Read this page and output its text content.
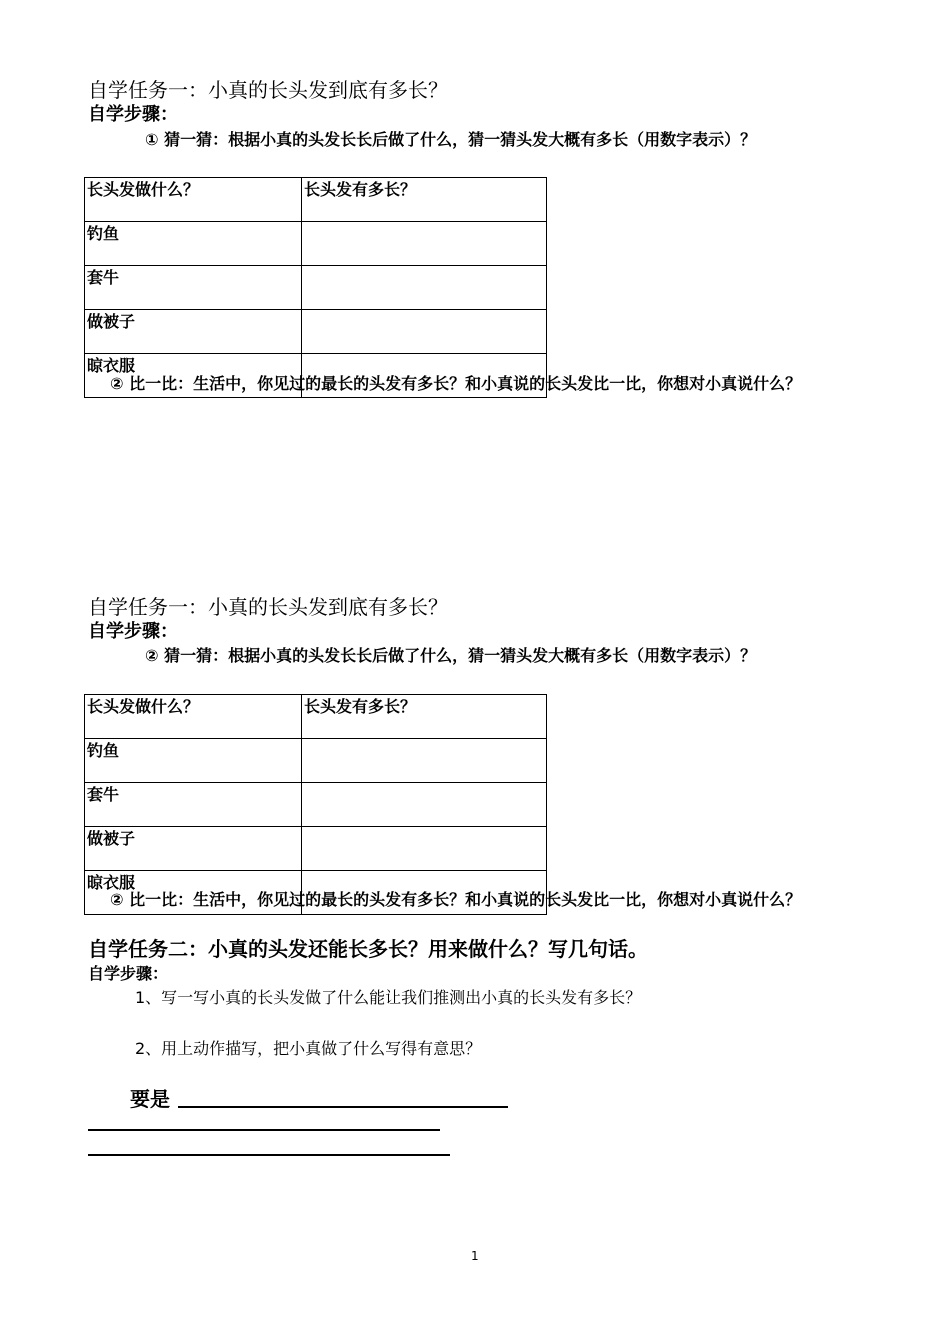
自学任务一：小真的长头发到底有多长？
自学步骤：
① 猜一猜：根据小真的头发长长后做了什么，猜一猜头发大概有多长（用数字表示）？
长头发做什么？	长头发有多长？
钓鱼	
套牛	
做被子	
晾衣服	
② 比一比：生活中，你见过的最长的头发有多长？和小真说的长头发比一比，你想对小真说什么？
自学任务一：小真的长头发到底有多长？
自学步骤：
② 猜一猜：根据小真的头发长长后做了什么，猜一猜头发大概有多长（用数字表示）？
长头发做什么？	长头发有多长？
钓鱼	
套牛	
做被子	
晾衣服	
② 比一比：生活中，你见过的最长的头发有多长？和小真说的长头发比一比，你想对小真说什么？
自学任务二：小真的头发还能长多长？用来做什么？写几句话。
自学步骤：
1、写一写小真的长头发做了什么能让我们推测出小真的长头发有多长？
2、用上动作描写，把小真做了什么写得有意思？
要是
1
